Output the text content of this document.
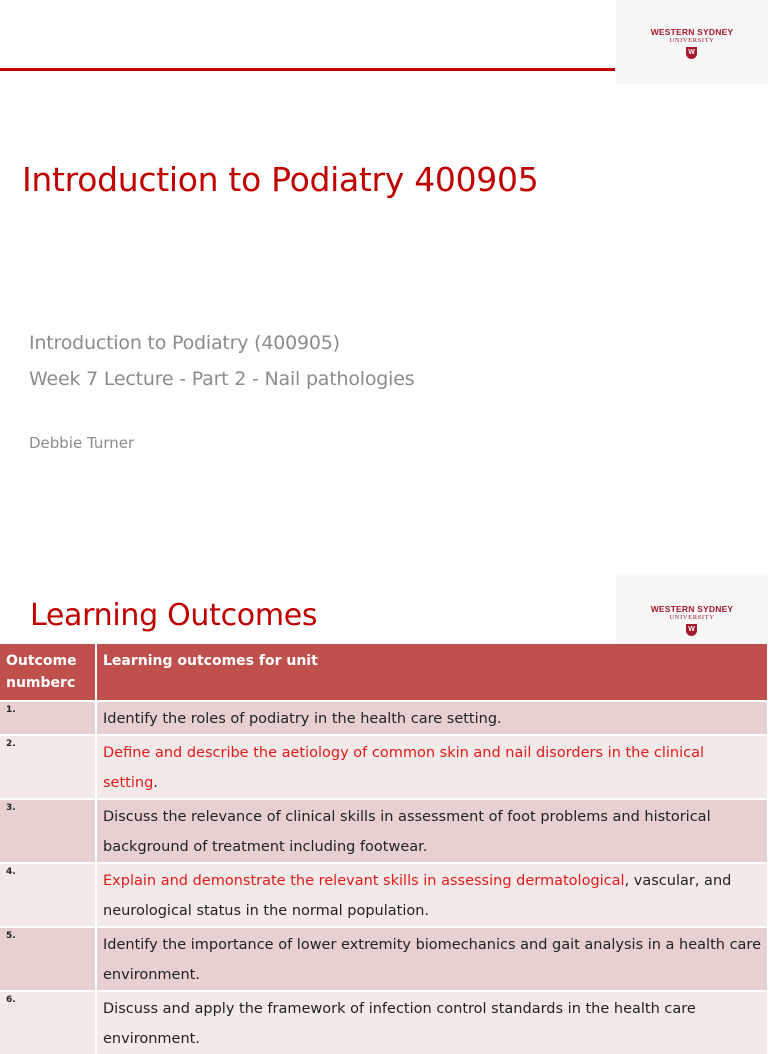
WESTERN SYDNEY
UNIVERSITY
W
Introduction to Podiatry 400905
Introduction to Podiatry (400905)
Week 7 Lecture - Part 2 - Nail pathologies
Debbie Turner
WESTERN SYDNEY
UNIVERSITY
W
Learning Outcomes
Outcome numberc	Learning outcomes for unit
1.	Identify the roles of podiatry in the health care setting.

2.	Define and describe the aetiology of common skin and nail disorders in the clinical setting.

3.	Discuss the relevance of clinical skills in assessment of foot problems and historical background of treatment including footwear.

4.	Explain and demonstrate the relevant skills in assessing dermatological, vascular, and neurological status in the normal population.

5.	Identify the importance of lower extremity biomechanics and gait analysis in a health care environment.

6.	Discuss and apply the framework of infection control standards in the health care environment.
